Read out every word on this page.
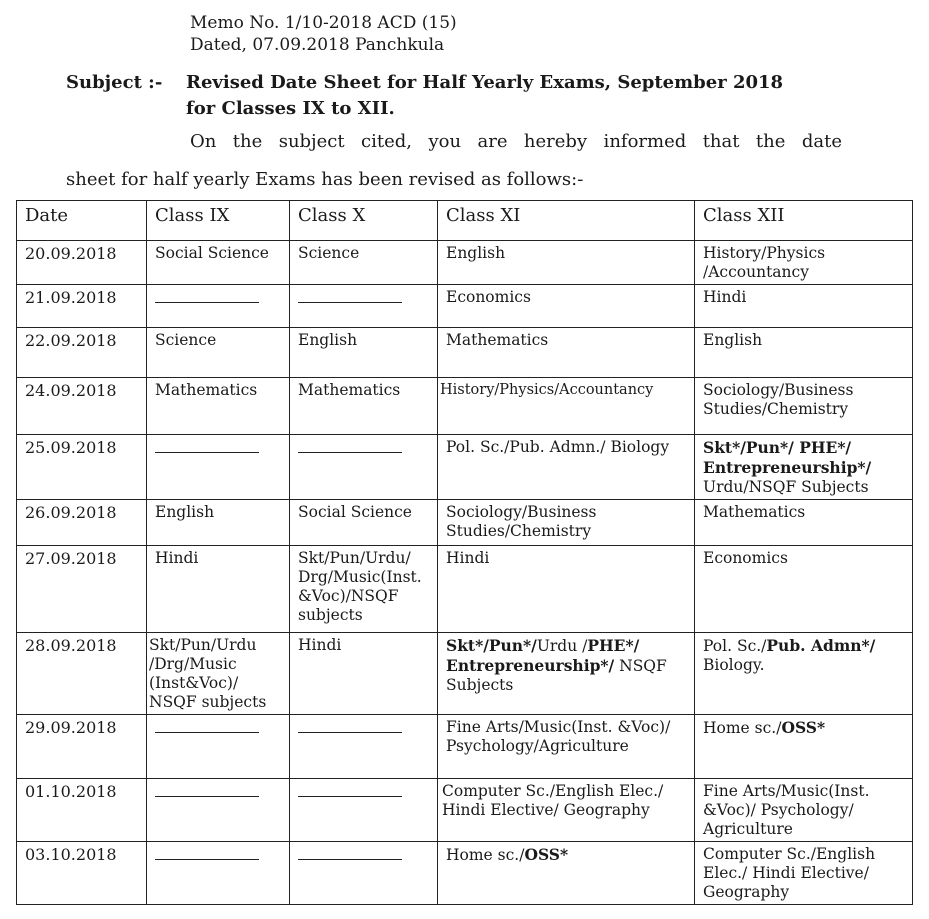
Memo No. 1/10-2018 ACD (15)
Dated, 07.09.2018 Panchkula
Subject :- Revised Date Sheet for Half Yearly Exams, September 2018
for Classes IX to XII.
On the subject cited, you are hereby informed that the date
sheet for half yearly Exams has been revised as follows:-
Date	Class IX	Class X	Class XI	Class XII
20.09.2018	Social Science	Science	English	History/Physics /Accountancy
21.09.2018			Economics	Hindi
22.09.2018	Science	English	Mathematics	English
24.09.2018	Mathematics	Mathematics	History/Physics/Accountancy	Sociology/Business Studies/Chemistry
25.09.2018			Pol. Sc./Pub. Admn./ Biology	Skt*/Pun*/ PHE*/ Entrepreneurship*/
Urdu/NSQF Subjects
26.09.2018	English	Social Science	Sociology/Business Studies/Chemistry	Mathematics
27.09.2018	Hindi	Skt/Pun/Urdu/ Drg/Music(Inst. &Voc)/NSQF subjects	Hindi	Economics
28.09.2018	Skt/Pun/Urdu /Drg/Music (Inst&Voc)/ NSQF subjects	Hindi	Skt*/Pun*/Urdu /PHE*/ Entrepreneurship*/ NSQF Subjects	Pol. Sc./Pub. Admn*/ Biology.
29.09.2018			Fine Arts/Music(Inst. &Voc)/ Psychology/Agriculture	Home sc./OSS*
01.10.2018			Computer Sc./English Elec./ Hindi Elective/ Geography	Fine Arts/Music(Inst. &Voc)/ Psychology/ Agriculture
03.10.2018			Home sc./OSS*	Computer Sc./English Elec./ Hindi Elective/ Geography
